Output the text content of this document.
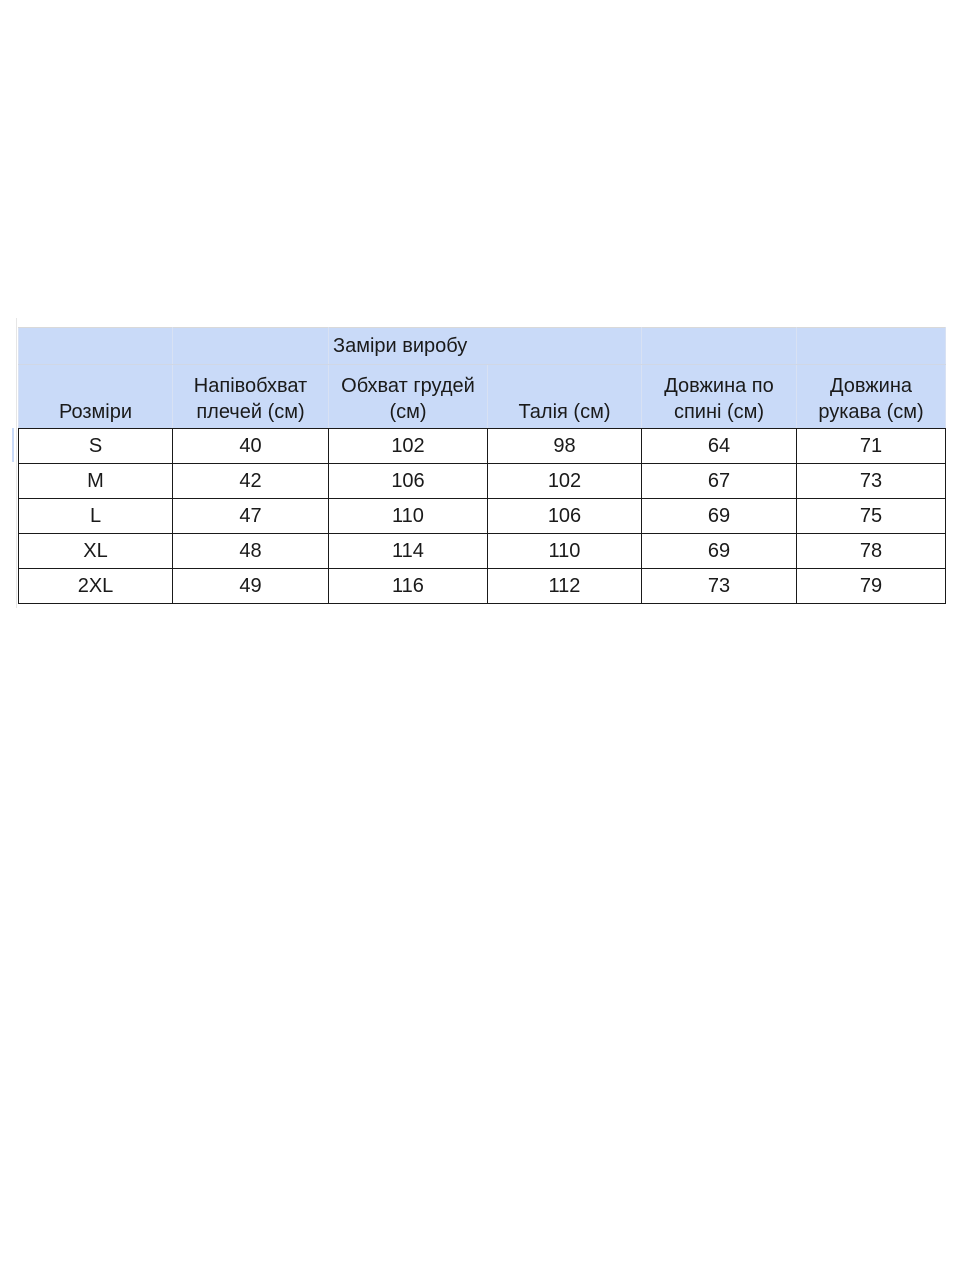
		Заміри виробу			

Розміри	Напівобхват плечей (см)	Обхват грудей (см)	Талія (см)	Довжина по спині (см)	Довжина рукава (см)

S	40	102	98	64	71
M	42	106	102	67	73
L	47	110	106	69	75
XL	48	114	110	69	78
2XL	49	116	112	73	79
